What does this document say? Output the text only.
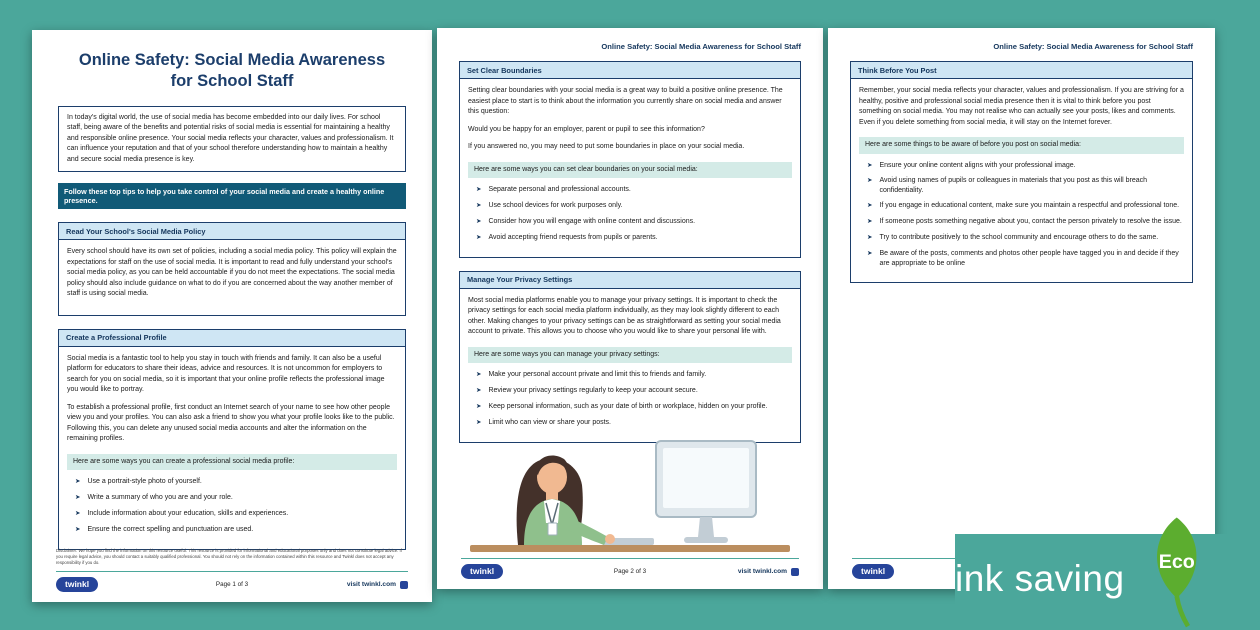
Online Safety: Social Media Awareness
for School Staff
In today's digital world, the use of social media has become embedded into our daily lives. For school staff, being aware of the benefits and potential risks of social media is essential for maintaining a healthy and responsible online presence. Your social media reflects your character, values and professionalism. It can influence your reputation and that of your school therefore understanding how to maintain a healthy and secure social media presence is key.
Follow these top tips to help you take control of your social media and create a healthy online presence.
Read Your School's Social Media Policy

Every school should have its own set of policies, including a social media policy. This policy will explain the expectations for staff on the use of social media. It is important to read and fully understand your school's social media policy, as you can be held accountable if you do not meet the expectations. The social media policy should also include guidance on what to do if you are concerned about the way another member of staff is using social media.

Create a Professional Profile

Social media is a fantastic tool to help you stay in touch with friends and family. It can also be a useful platform for educators to share their ideas, advice and resources. It is not uncommon for employers to search for you on social media, so it is important that your online profile reflects the professional image you would like to portray.

To establish a professional profile, first conduct an Internet search of your name to see how other people view you and your profiles. You can also ask a friend to show you what your profile looks like to the public. Following this, you can delete any unused social media accounts and alter the information on the remaining profiles.

Here are some ways you can create a professional social media profile:
➤ Use a portrait-style photo of yourself.
➤ Write a summary of who you are and your role.
➤ Include information about your education, skills and experiences.
➤ Ensure the correct spelling and punctuation are used.
Disclaimer: We hope you find the information on this resource useful. This resource is provided for informational and educational purposes only and does not constitute legal advice. If you require legal advice, you should contact a suitably qualified professional. You should not rely on the information contained within this resource and Twinkl does not accept any responsibility if you do.
twinkl	Page 1 of 3	visit twinkl.com
Online Safety: Social Media Awareness for School Staff
Set Clear Boundaries

Setting clear boundaries with your social media is a great way to build a positive online presence. The easiest place to start is to think about the information you currently share on social media and answer this question:

Would you be happy for an employer, parent or pupil to see this information?

If you answered no, you may need to put some boundaries in place on your social media.

Here are some ways you can set clear boundaries on your social media:
➤ Separate personal and professional accounts.
➤ Use school devices for work purposes only.
➤ Consider how you will engage with online content and discussions.
➤ Avoid accepting friend requests from pupils or parents.
Manage Your Privacy Settings

Most social media platforms enable you to manage your privacy settings. It is important to check the privacy settings for each social media platform individually, as they may look slightly different to each other. Making changes to your privacy settings can be as straightforward as setting your social media account to private. This allows you to choose who you would like to share your personal life with.

Here are some ways you can manage your privacy settings:
➤ Make your personal account private and limit this to friends and family.
➤ Review your privacy settings regularly to keep your account secure.
➤ Keep personal information, such as your date of birth or workplace, hidden on your profile.
➤ Limit who can view or share your posts.
twinkl	Page 2 of 3	visit twinkl.com
Online Safety: Social Media Awareness for School Staff
Think Before You Post

Remember, your social media reflects your character, values and professionalism. If you are striving for a healthy, positive and professional social media presence then it is vital to think before you post something on social media. You may not realise who can actually see your posts, likes and comments. Even if you delete something from social media, it will stay on the Internet forever.

Here are some things to be aware of before you post on social media:
➤ Ensure your online content aligns with your professional image.
➤ Avoid using names of pupils or colleagues in materials that you post as this will breach confidentiality.
➤ If you engage in educational content, make sure you maintain a respectful and professional tone.
➤ If someone posts something negative about you, contact the person privately to resolve the issue.
➤ Try to contribute positively to the school community and encourage others to do the same.
➤ Be aware of the posts, comments and photos other people have tagged you in and decide if they are appropriate to be online
twinkl ink saving Eco
